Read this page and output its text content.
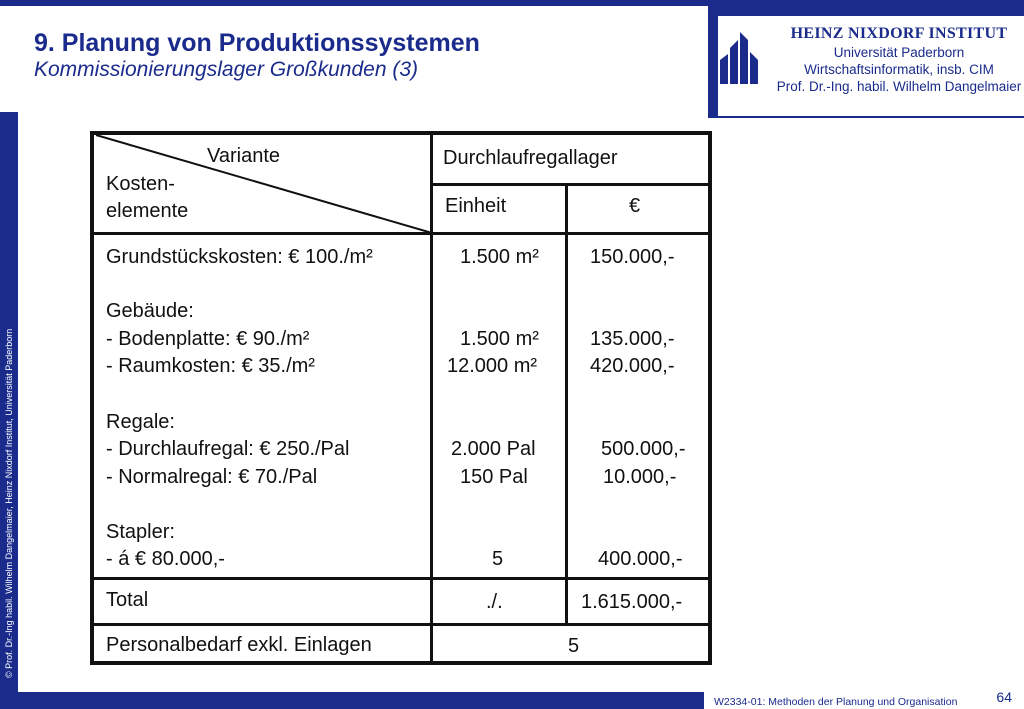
9. Planung von Produktionssystemen
Kommissionierungslager Großkunden (3)
HEINZ NIXDORF INSTITUT
Universität Paderborn
Wirtschaftsinformatik, insb. CIM
Prof. Dr.-Ing. habil. Wilhelm Dangelmaier
© Prof. Dr.-Ing habil. Wilhelm Dangelmaier, Heinz Nixdorf Institut, Universität Paderborn
Variante
Kosten-
elemente
Durchlaufregallager
Einheit	€
Grundstückskosten: € 100./m²	1.500 m²	150.000,-
Gebäude:
- Bodenplatte: € 90./m²	1.500 m²	135.000,-
- Raumkosten: € 35./m²	12.000 m²	420.000,-
Regale:
- Durchlaufregal: € 250./Pal	2.000 Pal	500.000,-
- Normalregal: € 70./Pal	150 Pal	10.000,-
Stapler:
- á € 80.000,-	5	400.000,-
Total	./.	1.615.000,-
Personalbedarf exkl. Einlagen	5
W2334-01: Methoden der Planung und Organisation	64
